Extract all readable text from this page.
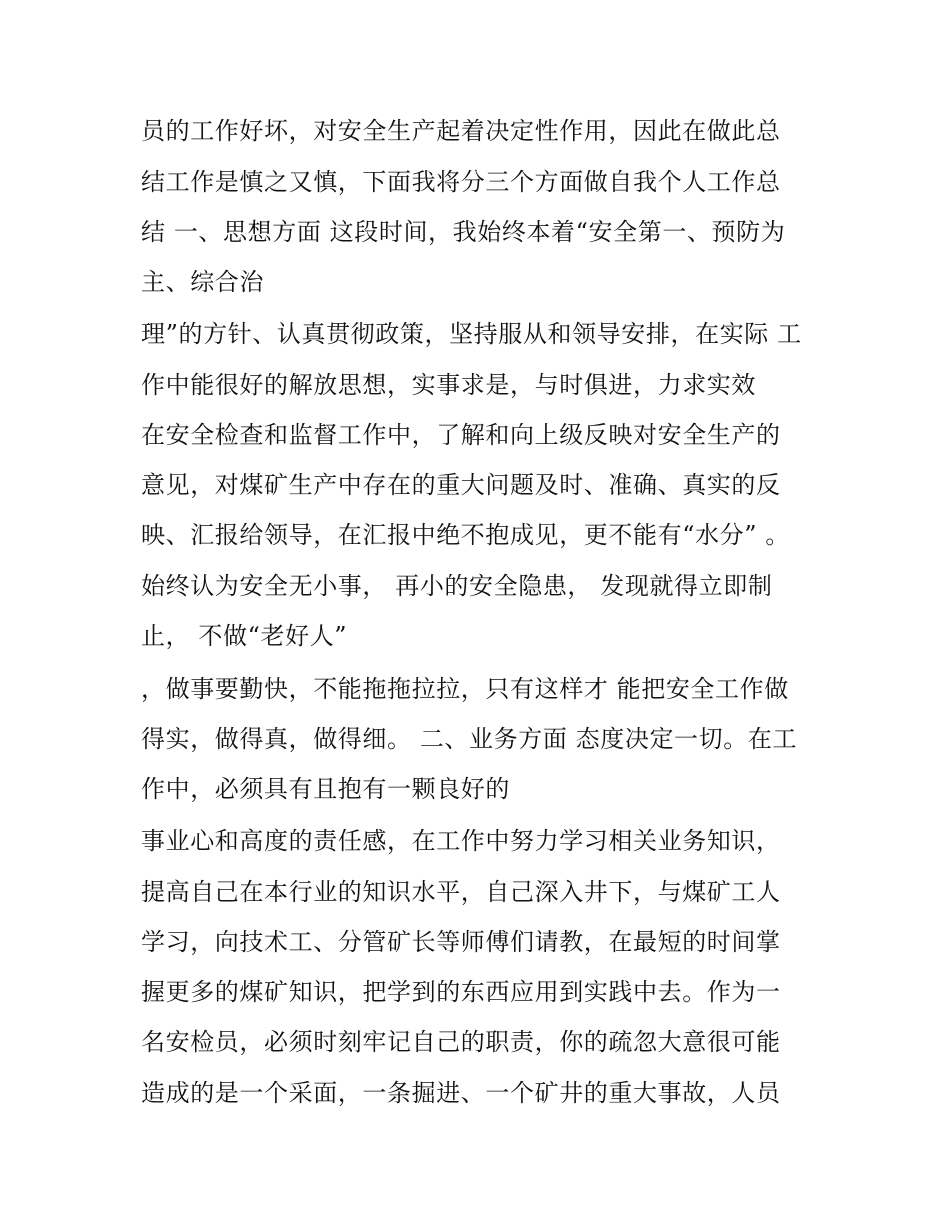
员的工作好坏，对安全生产起着决定性作用，因此在做此总
结工作是慎之又慎，下面我将分三个方面做自我个人工作总
结 一、思想方面 这段时间，我始终本着“安全第一、预防为
主、综合治
理”的方针、认真贯彻政策，坚持服从和领导安排，在实际 工
作中能很好的解放思想，实事求是，与时俱进，力求实效
在安全检查和监督工作中，了解和向上级反映对安全生产的
意见，对煤矿生产中存在的重大问题及时、准确、真实的反
映、汇报给领导，在汇报中绝不抱成见，更不能有“水分” 。
始终认为安全无小事， 再小的安全隐患， 发现就得立即制
止， 不做“老好人”
，做事要勤快，不能拖拖拉拉，只有这样才 能把安全工作做
得实，做得真，做得细。 二、业务方面 态度决定一切。在工
作中，必须具有且抱有一颗良好的
事业心和高度的责任感，在工作中努力学习相关业务知识，
提高自己在本行业的知识水平，自己深入井下，与煤矿工人
学习，向技术工、分管矿长等师傅们请教，在最短的时间掌
握更多的煤矿知识，把学到的东西应用到实践中去。作为一
名安检员，必须时刻牢记自己的职责，你的疏忽大意很可能
造成的是一个采面，一条掘进、一个矿井的重大事故，人员
